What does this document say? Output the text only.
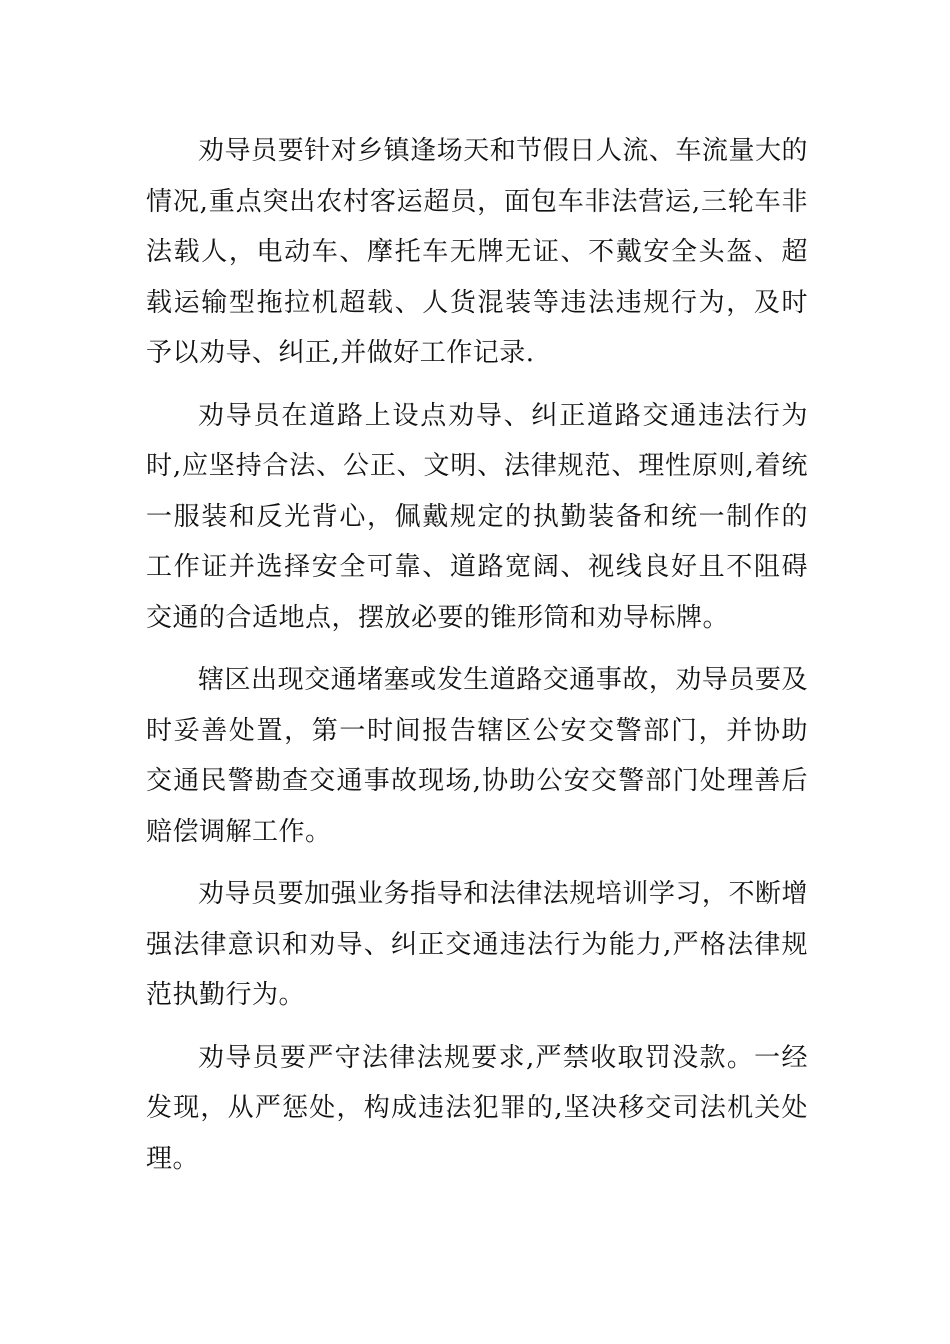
劝导员要针对乡镇逢场天和节假日人流、车流量大的情况,重点突出农村客运超员，面包车非法营运,三轮车非法载人，电动车、摩托车无牌无证、不戴安全头盔、超载运输型拖拉机超载、人货混装等违法违规行为，及时予以劝导、纠正,并做好工作记录.

劝导员在道路上设点劝导、纠正道路交通违法行为时,应坚持合法、公正、文明、法律规范、理性原则,着统一服装和反光背心，佩戴规定的执勤装备和统一制作的工作证并选择安全可靠、道路宽阔、视线良好且不阻碍交通的合适地点，摆放必要的锥形筒和劝导标牌。

辖区出现交通堵塞或发生道路交通事故，劝导员要及时妥善处置，第一时间报告辖区公安交警部门，并协助交通民警勘查交通事故现场,协助公安交警部门处理善后赔偿调解工作。

劝导员要加强业务指导和法律法规培训学习，不断增强法律意识和劝导、纠正交通违法行为能力,严格法律规范执勤行为。

劝导员要严守法律法规要求,严禁收取罚没款。一经发现，从严惩处，构成违法犯罪的,坚决移交司法机关处理。
